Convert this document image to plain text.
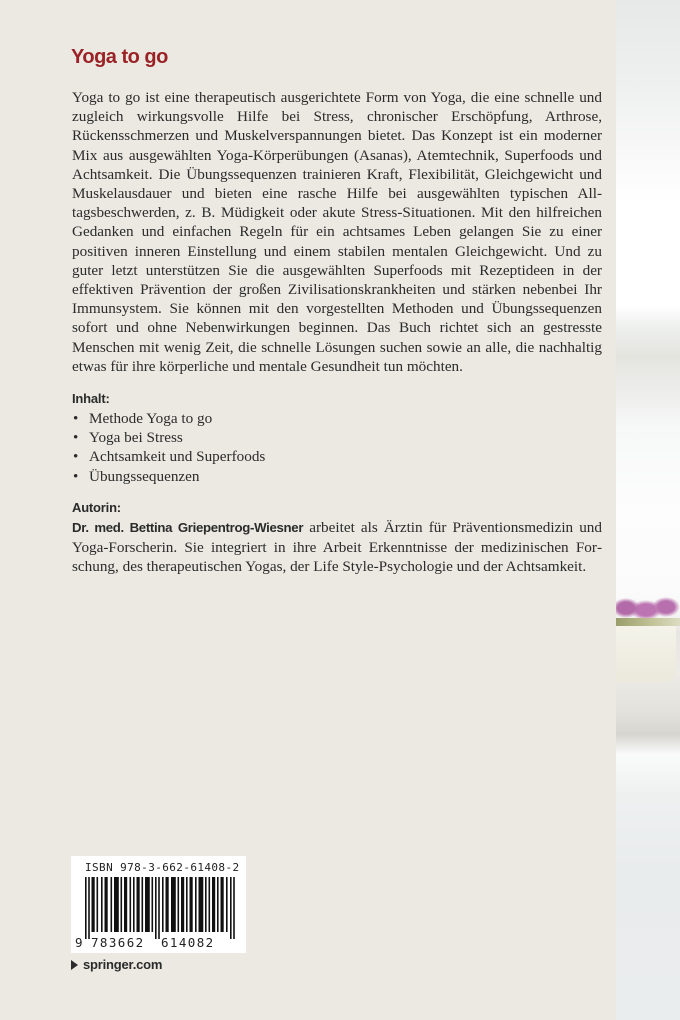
Yoga to go

Yoga to go ist eine therapeutisch ausgerichtete Form von Yoga, die eine schnelle und zugleich wirkungsvolle Hilfe bei Stress, chronischer Erschöpfung, Arthrose, Rückensschmerzen und Muskelverspannungen bietet. Das Konzept ist ein moderner Mix aus ausgewählten Yoga-Körperübungen (Asanas), Atemtechnik, Superfoods und Achtsamkeit. Die Übungssequenzen trainieren Kraft, Flexibilität, Gleichgewicht und Muskelausdauer und bieten eine rasche Hilfe bei ausgewählten typischen Alltagsbeschwerden, z. B. Müdigkeit oder akute Stress-Situationen. Mit den hilfreichen Gedanken und einfachen Regeln für ein achtsames Leben gelangen Sie zu einer positiven inneren Einstellung und einem stabilen mentalen Gleichgewicht. Und zu guter letzt unterstützen Sie die ausgewählten Superfoods mit Rezeptideen in der effektiven Prävention der großen Zivilisationskrankheiten und stärken nebenbei Ihr Immunsystem. Sie können mit den vorgestellten Methoden und Übungssequenzen sofort und ohne Nebenwirkungen beginnen. Das Buch richtet sich an gestresste Menschen mit wenig Zeit, die schnelle Lösungen suchen sowie an alle, die nachhaltig etwas für ihre körperliche und mentale Gesundheit tun möchten.

Inhalt:
• Methode Yoga to go
• Yoga bei Stress
• Achtsamkeit und Superfoods
• Übungssequenzen
Autorin:

Dr. med. Bettina Griepentrog-Wiesner arbeitet als Ärztin für Präventionsmedizin und Yoga-Forscherin. Sie integriert in ihre Arbeit Erkenntnisse der medizinischen Forschung, des therapeutischen Yogas, der Life Style-Psychologie und der Achtsamkeit.

ISBN 978-3-662-61408-2
9 783662 614082
springer.com
